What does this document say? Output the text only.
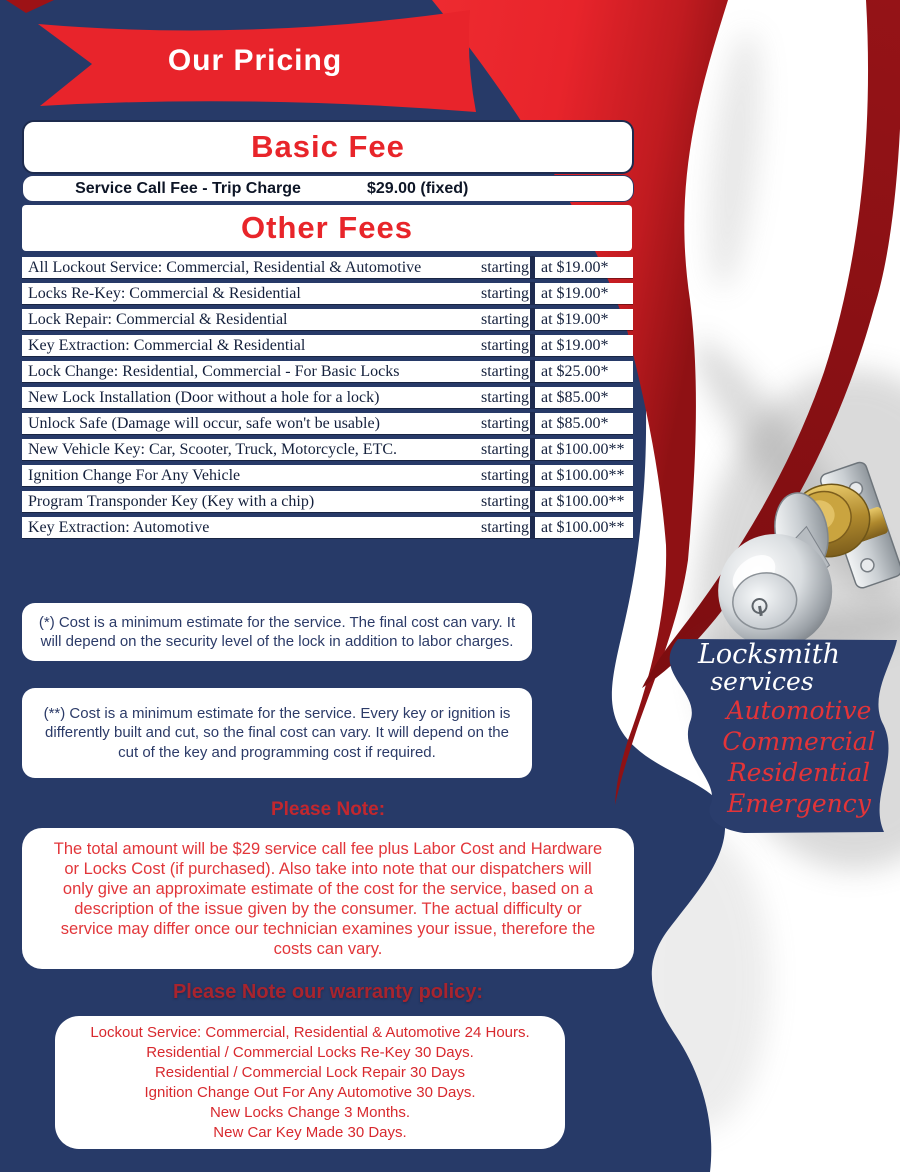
Our Pricing
Basic Fee
Service Call Fee - Trip Charge	$29.00 (fixed)
Other Fees
All Lockout Service: Commercial, Residential & Automotive	starting at $19.00*
Locks Re-Key: Commercial & Residential	starting at $19.00*
Lock Repair: Commercial & Residential	starting at $19.00*
Key Extraction: Commercial & Residential	starting at $19.00*
Lock Change: Residential, Commercial - For Basic Locks	starting at $25.00*
New Lock Installation (Door without a hole for a lock)	starting at $85.00*
Unlock Safe (Damage will occur, safe won't be usable)	starting at $85.00*
New Vehicle Key: Car, Scooter, Truck, Motorcycle, ETC.	starting at $100.00**
Ignition Change For Any Vehicle	starting at $100.00**
Program Transponder Key (Key with a chip)	starting at $100.00**
Key Extraction: Automotive	starting at $100.00**
(*) Cost is a minimum estimate for the service. The final cost can vary. It
will depend on the security level of the lock in addition to labor charges.
(**) Cost is a minimum estimate for the service. Every key or ignition is
differently built and cut, so the final cost can vary. It will depend on the
cut of the key and programming cost if required.
Please Note:
The total amount will be $29 service call fee plus Labor Cost and Hardware
or Locks Cost (if purchased). Also take into note that our dispatchers will
only give an approximate estimate of the cost for the service, based on a
description of the issue given by the consumer. The actual difficulty or
service may differ once our technician examines your issue, therefore the
costs can vary.
Please Note our warranty policy:
Lockout Service: Commercial, Residential & Automotive 24 Hours.
Residential / Commercial Locks Re-Key 30 Days.
Residential / Commercial Lock Repair 30 Days
Ignition Change Out For Any Automotive 30 Days.
New Locks Change 3 Months.
New Car Key Made 30 Days.
Locksmith
services
Automotive
Commercial
Residential
Emergency
